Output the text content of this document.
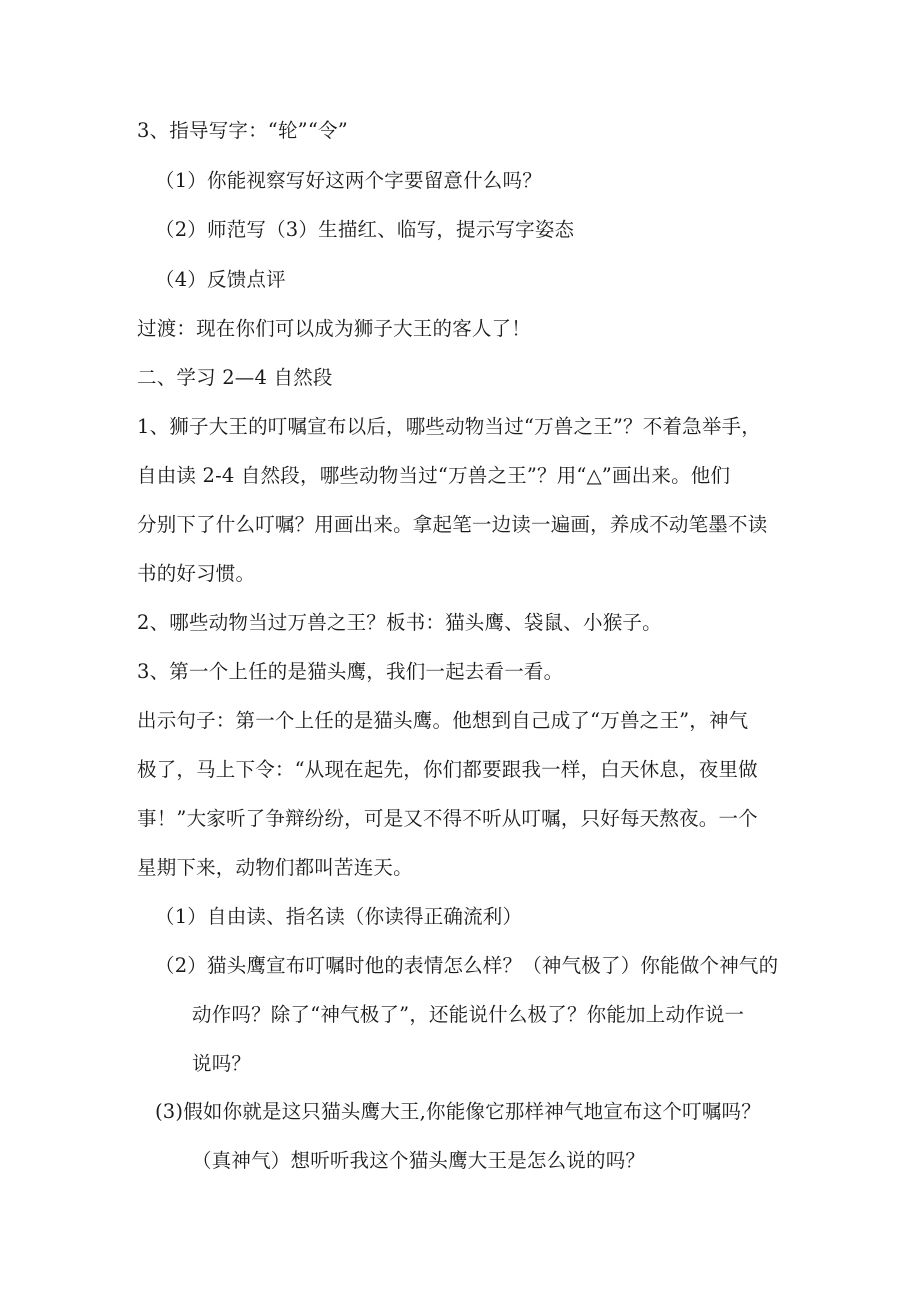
3、指导写字：“轮”“令”
（1）你能视察写好这两个字要留意什么吗？
（2）师范写（3）生描红、临写，提示写字姿态
（4）反馈点评
过渡：现在你们可以成为狮子大王的客人了！
二、学习 2—4 自然段
1、狮子大王的叮嘱宣布以后，哪些动物当过“万兽之王”？不着急举手，
自由读 2-4 自然段，哪些动物当过“万兽之王”？用“△”画出来。他们
分别下了什么叮嘱？用画出来。拿起笔一边读一遍画，养成不动笔墨不读
书的好习惯。
2、哪些动物当过万兽之王？板书：猫头鹰、袋鼠、小猴子。
3、第一个上任的是猫头鹰，我们一起去看一看。
出示句子：第一个上任的是猫头鹰。他想到自己成了“万兽之王”，神气
极了，马上下令：“从现在起先，你们都要跟我一样，白天休息，夜里做
事！”大家听了争辩纷纷，可是又不得不听从叮嘱，只好每天熬夜。一个
星期下来，动物们都叫苦连天。
（1）自由读、指名读（你读得正确流利）
（2）猫头鹰宣布叮嘱时他的表情怎么样？（神气极了）你能做个神气的
动作吗？除了“神气极了”，还能说什么极了？你能加上动作说一
说吗？
(3)假如你就是这只猫头鹰大王,你能像它那样神气地宣布这个叮嘱吗？
（真神气）想听听我这个猫头鹰大王是怎么说的吗？
